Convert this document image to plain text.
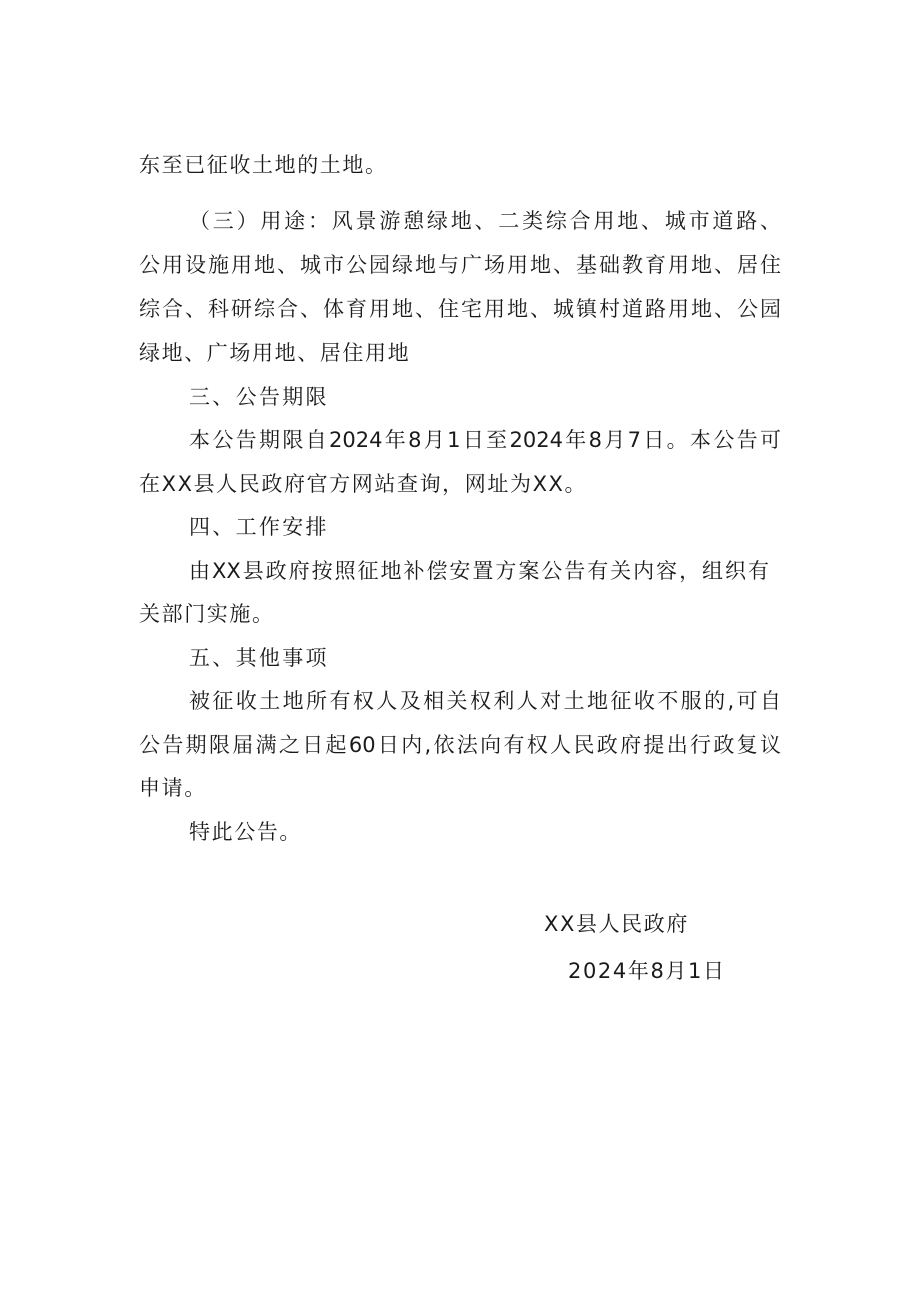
东至已征收土地的土地。
（三）用途：风景游憩绿地、二类综合用地、城市道路、
公用设施用地、城市公园绿地与广场用地、基础教育用地、居住
综合、科研综合、体育用地、住宅用地、城镇村道路用地、公园
绿地、广场用地、居住用地
三、公告期限
本公告期限自2024年8月1日至2024年8月7日。本公告可
在XX县人民政府官方网站查询，网址为XX。
四、工作安排
由XX县政府按照征地补偿安置方案公告有关内容，组织有
关部门实施。
五、其他事项
被征收土地所有权人及相关权利人对土地征收不服的,可自
公告期限届满之日起60日内,依法向有权人民政府提出行政复议
申请。
特此公告。
XX县人民政府
2024年8月1日
